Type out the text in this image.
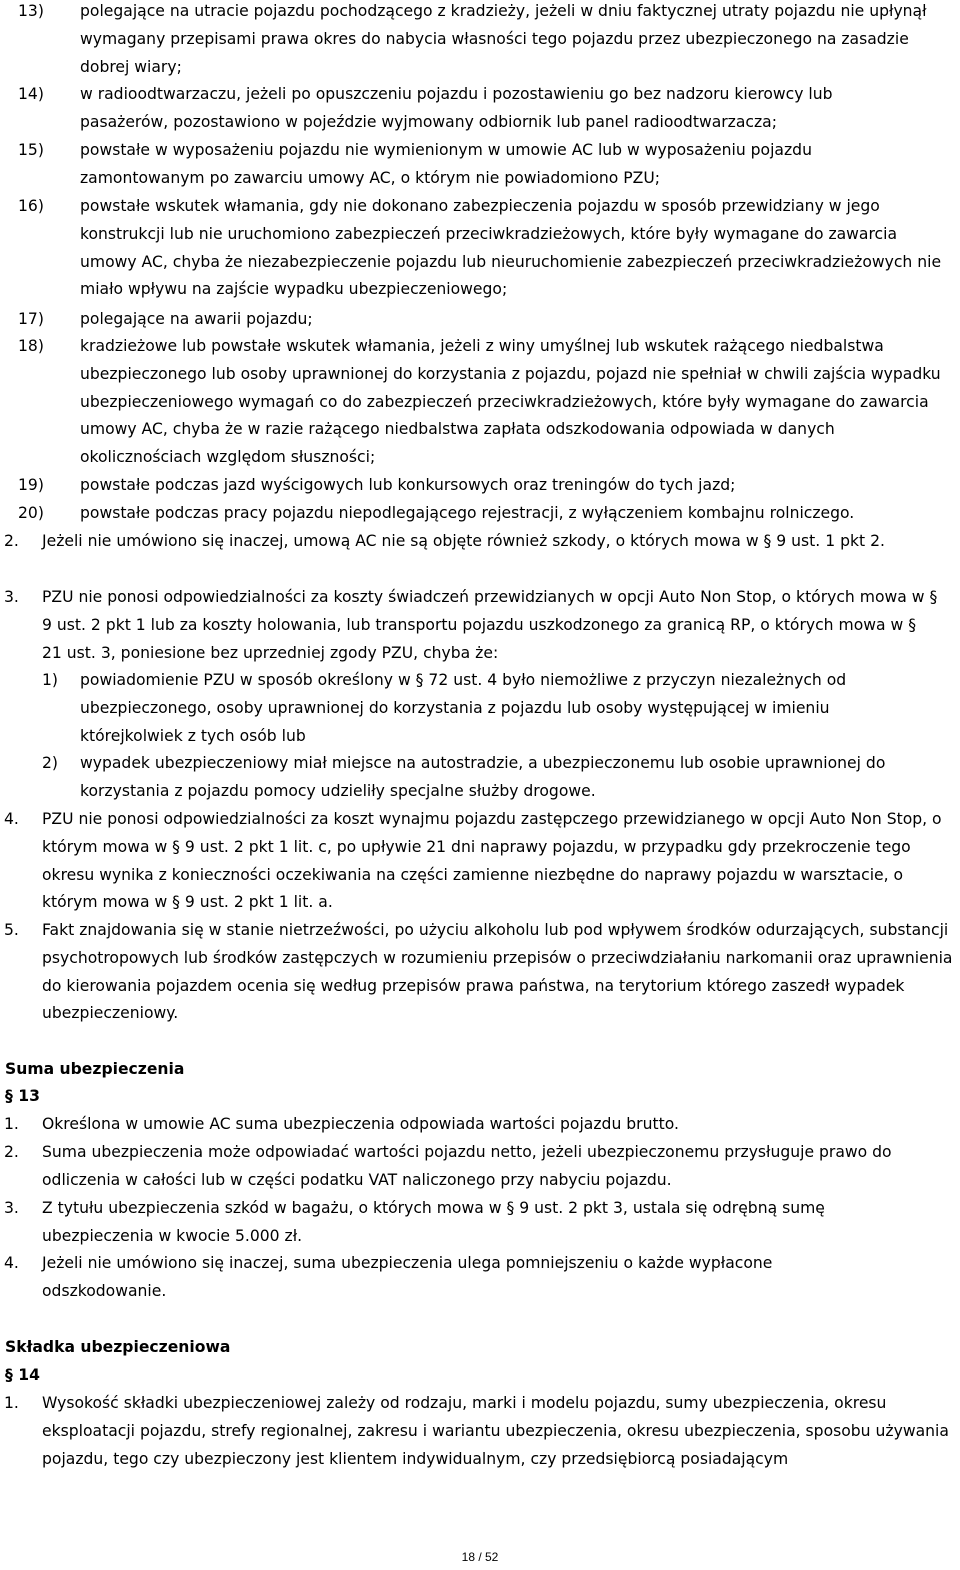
13)	polegające na utracie pojazdu pochodzącego z kradzieży, jeżeli w dniu faktycznej utraty pojazdu nie upłynął wymagany przepisami prawa okres do nabycia własności tego pojazdu przez ubezpieczonego na zasadzie dobrej wiary;
14)	w radioodtwarzaczu, jeżeli po opuszczeniu pojazdu i pozostawieniu go bez nadzoru kierowcy lub pasażerów, pozostawiono w pojeździe wyjmowany odbiornik lub panel radioodtwarzacza;
15)	powstałe w wyposażeniu pojazdu nie wymienionym w umowie AC lub w wyposażeniu pojazdu zamontowanym po zawarciu umowy AC, o którym nie powiadomiono PZU;
16)	powstałe wskutek włamania, gdy nie dokonano zabezpieczenia pojazdu w sposób przewidziany w jego konstrukcji lub nie uruchomiono zabezpieczeń przeciwkradzieżowych, które były wymagane do zawarcia umowy AC, chyba że niezabezpieczenie pojazdu lub nieuruchomienie zabezpieczeń przeciwkradzieżowych nie miało wpływu na zajście wypadku ubezpieczeniowego;
17)	polegające na awarii pojazdu;
18)	kradzieżowe lub powstałe wskutek włamania, jeżeli z winy umyślnej lub wskutek rażącego niedbalstwa ubezpieczonego lub osoby uprawnionej do korzystania z pojazdu, pojazd nie spełniał w chwili zajścia wypadku ubezpieczeniowego wymagań co do zabezpieczeń przeciwkradzieżowych, które były wymagane do zawarcia umowy AC, chyba że w razie rażącego niedbalstwa zapłata odszkodowania odpowiada w danych okolicznościach względom słuszności;
19)	powstałe podczas jazd wyścigowych lub konkursowych oraz treningów do tych jazd;
20)	powstałe podczas pracy pojazdu niepodlegającego rejestracji, z wyłączeniem kombajnu rolniczego.
2.	Jeżeli nie umówiono się inaczej, umową AC nie są objęte również szkody, o których mowa w § 9 ust. 1 pkt 2.
3.	PZU nie ponosi odpowiedzialności za koszty świadczeń przewidzianych w opcji Auto Non Stop, o których mowa w § 9 ust. 2 pkt 1 lub za koszty holowania, lub transportu pojazdu uszkodzonego za granicą RP, o których mowa w § 21 ust. 3, poniesione bez uprzedniej zgody PZU, chyba że:
1)	powiadomienie PZU w sposób określony w § 72 ust. 4 było niemożliwe z przyczyn niezależnych od ubezpieczonego, osoby uprawnionej do korzystania z pojazdu lub osoby występującej w imieniu którejkolwiek z tych osób lub
2)	wypadek ubezpieczeniowy miał miejsce na autostradzie, a ubezpieczonemu lub osobie uprawnionej do korzystania z pojazdu pomocy udzieliły specjalne służby drogowe.
4.	PZU nie ponosi odpowiedzialności za koszt wynajmu pojazdu zastępczego przewidzianego w opcji Auto Non Stop, o którym mowa w § 9 ust. 2 pkt 1 lit. c, po upływie 21 dni naprawy pojazdu, w przypadku gdy przekroczenie tego okresu wynika z konieczności oczekiwania na części zamienne niezbędne do naprawy pojazdu w warsztacie, o którym mowa w § 9 ust. 2 pkt 1 lit. a.
5.	Fakt znajdowania się w stanie nietrzeźwości, po użyciu alkoholu lub pod wpływem środków odurzających, substancji psychotropowych lub środków zastępczych w rozumieniu przepisów o przeciwdziałaniu narkomanii oraz uprawnienia do kierowania pojazdem ocenia się według przepisów prawa państwa, na terytorium którego zaszedł wypadek ubezpieczeniowy.
Suma ubezpieczenia
§ 13
1.	Określona w umowie AC suma ubezpieczenia odpowiada wartości pojazdu brutto.
2.	Suma ubezpieczenia może odpowiadać wartości pojazdu netto, jeżeli ubezpieczonemu przysługuje prawo do odliczenia w całości lub w części podatku VAT naliczonego przy nabyciu pojazdu.
3.	Z tytułu ubezpieczenia szkód w bagażu, o których mowa w § 9 ust. 2 pkt 3, ustala się odrębną sumę ubezpieczenia w kwocie 5.000 zł.
4.	Jeżeli nie umówiono się inaczej, suma ubezpieczenia ulega pomniejszeniu o każde wypłacone odszkodowanie.
Składka ubezpieczeniowa
§ 14
1.	Wysokość składki ubezpieczeniowej zależy od rodzaju, marki i modelu pojazdu, sumy ubezpieczenia, okresu eksploatacji pojazdu, strefy regionalnej, zakresu i wariantu ubezpieczenia, okresu ubezpieczenia, sposobu używania pojazdu, tego czy ubezpieczony jest klientem indywidualnym, czy przedsiębiorcą posiadającym
18 / 52
